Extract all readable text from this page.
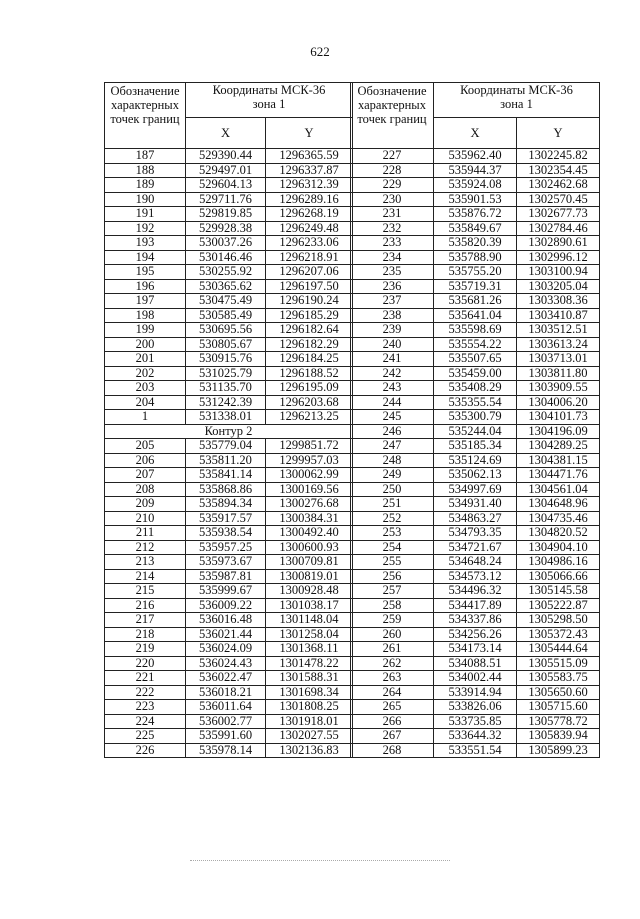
622
Обозначение характерных точек границ	Координаты МСК-36 зона 1	
	X	Y
187	529390.44	1296365.59
188	529497.01	1296337.87
189	529604.13	1296312.39
190	529711.76	1296289.16
191	529819.85	1296268.19
192	529928.38	1296249.48
193	530037.26	1296233.06
194	530146.46	1296218.91
195	530255.92	1296207.06
196	530365.62	1296197.50
197	530475.49	1296190.24
198	530585.49	1296185.29
199	530695.56	1296182.64
200	530805.67	1296182.29
201	530915.76	1296184.25
202	531025.79	1296188.52
203	531135.70	1296195.09
204	531242.39	1296203.68
1	531338.01	1296213.25
Контур 2		
205	535779.04	1299851.72
206	535811.20	1299957.03
207	535841.14	1300062.99
208	535868.86	1300169.56
209	535894.34	1300276.68
210	535917.57	1300384.31
211	535938.54	1300492.40
212	535957.25	1300600.93
213	535973.67	1300709.81
214	535987.81	1300819.01
215	535999.67	1300928.48
216	536009.22	1301038.17
217	536016.48	1301148.04
218	536021.44	1301258.04
219	536024.09	1301368.11
220	536024.43	1301478.22
221	536022.47	1301588.31
222	536018.21	1301698.34
223	536011.64	1301808.25
224	536002.77	1301918.01
225	535991.60	1302027.55
226	535978.14	1302136.83
Обозначение характерных точек границ	Координаты МСК-36 зона 1	
	X	Y
227	535962.40	1302245.82
228	535944.37	1302354.45
229	535924.08	1302462.68
230	535901.53	1302570.45
231	535876.72	1302677.73
232	535849.67	1302784.46
233	535820.39	1302890.61
234	535788.90	1302996.12
235	535755.20	1303100.94
236	535719.31	1303205.04
237	535681.26	1303308.36
238	535641.04	1303410.87
239	535598.69	1303512.51
240	535554.22	1303613.24
241	535507.65	1303713.01
242	535459.00	1303811.80
243	535408.29	1303909.55
244	535355.54	1304006.20
245	535300.79	1304101.73
246	535244.04	1304196.09
247	535185.34	1304289.25
248	535124.69	1304381.15
249	535062.13	1304471.76
250	534997.69	1304561.04
251	534931.40	1304648.96
252	534863.27	1304735.46
253	534793.35	1304820.52
254	534721.67	1304904.10
255	534648.24	1304986.16
256	534573.12	1305066.66
257	534496.32	1305145.58
258	534417.89	1305222.87
259	534337.86	1305298.50
260	534256.26	1305372.43
261	534173.14	1305444.64
262	534088.51	1305515.09
263	534002.44	1305583.75
264	533914.94	1305650.60
265	533826.06	1305715.60
266	533735.85	1305778.72
267	533644.32	1305839.94
268	533551.54	1305899.23
